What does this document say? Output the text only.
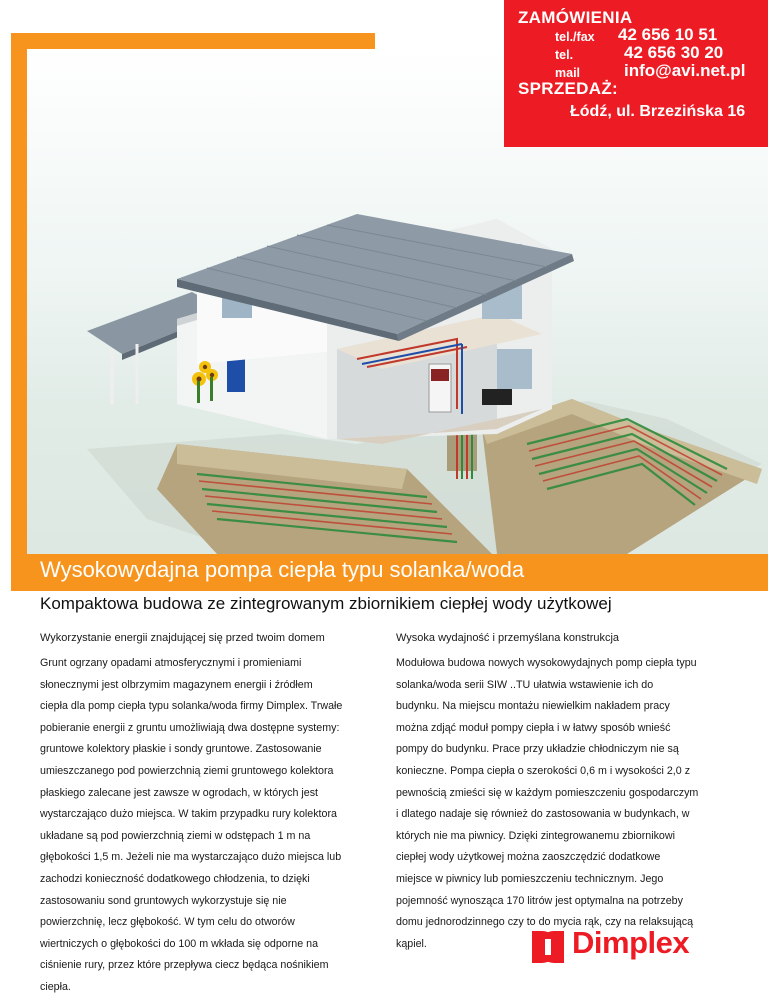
ZAMÓWIENIA
tel./fax 42 656 10 51
tel.	42 656 30 20
mail	info@avi.net.pl
SPRZEDAŻ:
Łódź, ul. Brzezińska 16
Wysokowydajna pompa ciepła typu solanka/woda
Kompaktowa budowa ze zintegrowanym zbiornikiem ciepłej wody użytkowej
Wykorzystanie energii znajdującej się przed twoim domem

Grunt ogrzany opadami atmosferycznymi i promieniami

słonecznymi jest olbrzymim magazynem energii i źródłem

ciepła dla pomp ciepła typu solanka/woda firmy Dimplex. Trwałe

pobieranie energii z gruntu umożliwiają dwa dostępne systemy:

gruntowe kolektory płaskie i sondy gruntowe. Zastosowanie

umieszczanego pod powierzchnią ziemi gruntowego kolektora

płaskiego zalecane jest zawsze w ogrodach, w których jest

wystarczająco dużo miejsca. W takim przypadku rury kolektora

układane są pod powierzchnią ziemi w odstępach 1 m na

głębokości 1,5 m. Jeżeli nie ma wystarczająco dużo miejsca lub

zachodzi konieczność dodatkowego chłodzenia, to dzięki

zastosowaniu sond gruntowych wykorzystuje się nie

powierzchnię, lecz głębokość. W tym celu do otworów

wiertniczych o głębokości do 100 m wkłada się odporne na

ciśnienie rury, przez które przepływa ciecz będąca nośnikiem

ciepła.

Wysoka wydajność i przemyślana konstrukcja

Modułowa budowa nowych wysokowydajnych pomp ciepła typu

solanka/woda serii SIW ..TU ułatwia wstawienie ich do

budynku. Na miejscu montażu niewielkim nakładem pracy

można zdjąć moduł pompy ciepła i w łatwy sposób wnieść

pompy do budynku. Prace przy układzie chłodniczym nie są

konieczne. Pompa ciepła o szerokości 0,6 m i wysokości 2,0 z

pewnością zmieści się w każdym pomieszczeniu gospodarczym

i dlatego nadaje się również do zastosowania w budynkach, w

których nie ma piwnicy. Dzięki zintegrowanemu zbiornikowi

ciepłej wody użytkowej można zaoszczędzić dodatkowe

miejsce w piwnicy lub pomieszczeniu technicznym. Jego

pojemność wynosząca 170 litrów jest optymalna na potrzeby

domu jednorodzinnego czy to do mycia rąk, czy na relaksującą

kąpiel.	Dimplex
